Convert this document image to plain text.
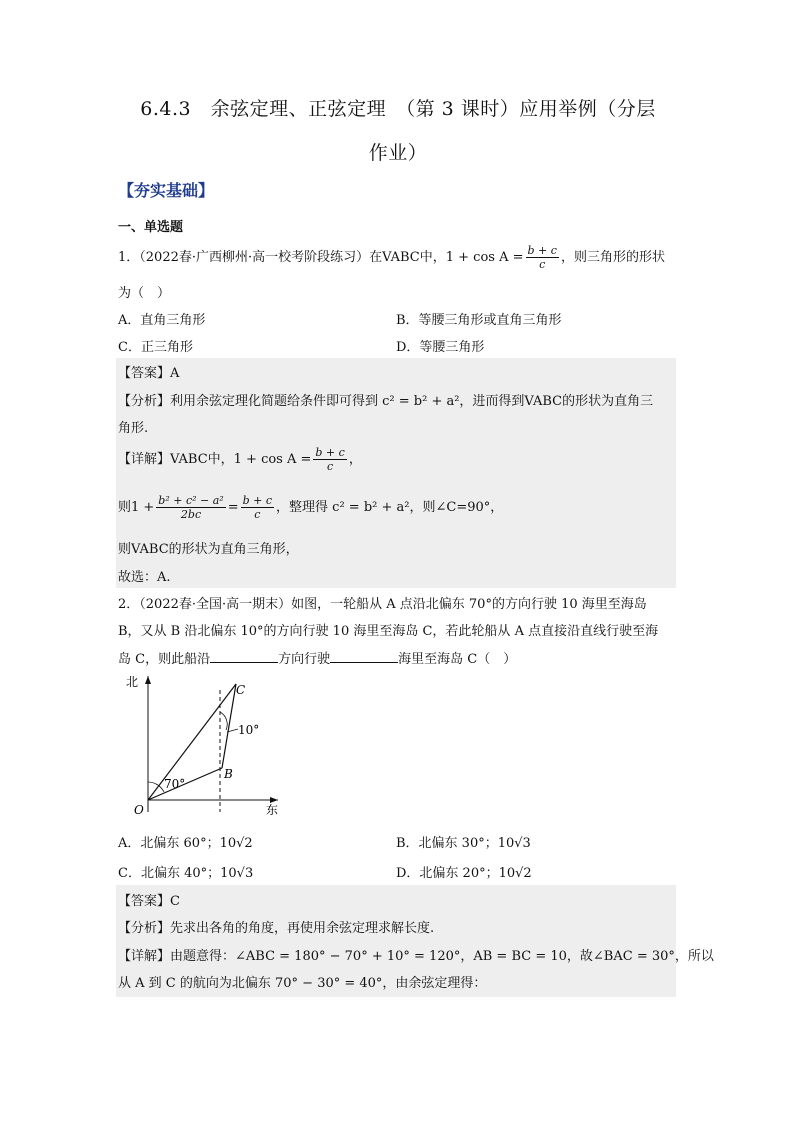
6.4.3　余弦定理、正弦定理　（第 3 课时）应用举例（分层
作业）
【夯实基础】
一、单选题
1．（2022春·广西柳州·高一校考阶段练习）在VABC中，$1 + \cos A = \frac{b + c}{c}$ ，则三角形的形状
为（　）
A．直角三角形	B．等腰三角形或直角三角形
C．正三角形	D．等腰三角形
【答案】A
【分析】利用余弦定理化简题给条件即可得到 c² = b² + a²，进而得到VABC的形状为直角三
角形.
【详解】VABC中，$1 + \cos A = \frac{b + c}{c}$ ，
则$1 + \frac{\text{b² + c² − a²}}{2bc} = \frac{b + c}{c}$ ，整理得 c² = b² + a²，则∠C=90°，
则VABC的形状为直角三角形，
故选：A.
2．（2022春·全国·高一期末）如图，一轮船从 A 点沿北偏东 70°的方向行驶 10 海里至海岛
B，又从 B 沿北偏东 10°的方向行驶 10 海里至海岛 C，若此轮船从 A 点直接沿直线行驶至海
岛 C，则此船沿	方向行驶	海里至海岛 C（　）
北
东
O
B
C
70°
10°
A．北偏东 60°；10√2	B．北偏东 30°；10√3
C．北偏东 40°；10√3	D．北偏东 20°；10√2
【答案】C
【分析】先求出各角的角度，再使用余弦定理求解长度.
【详解】由题意得：∠ABC = 180° − 70° + 10° = 120°，AB = BC = 10，故∠BAC = 30°，所以
从 A 到 C 的航向为北偏东 70° − 30° = 40°，由余弦定理得：
